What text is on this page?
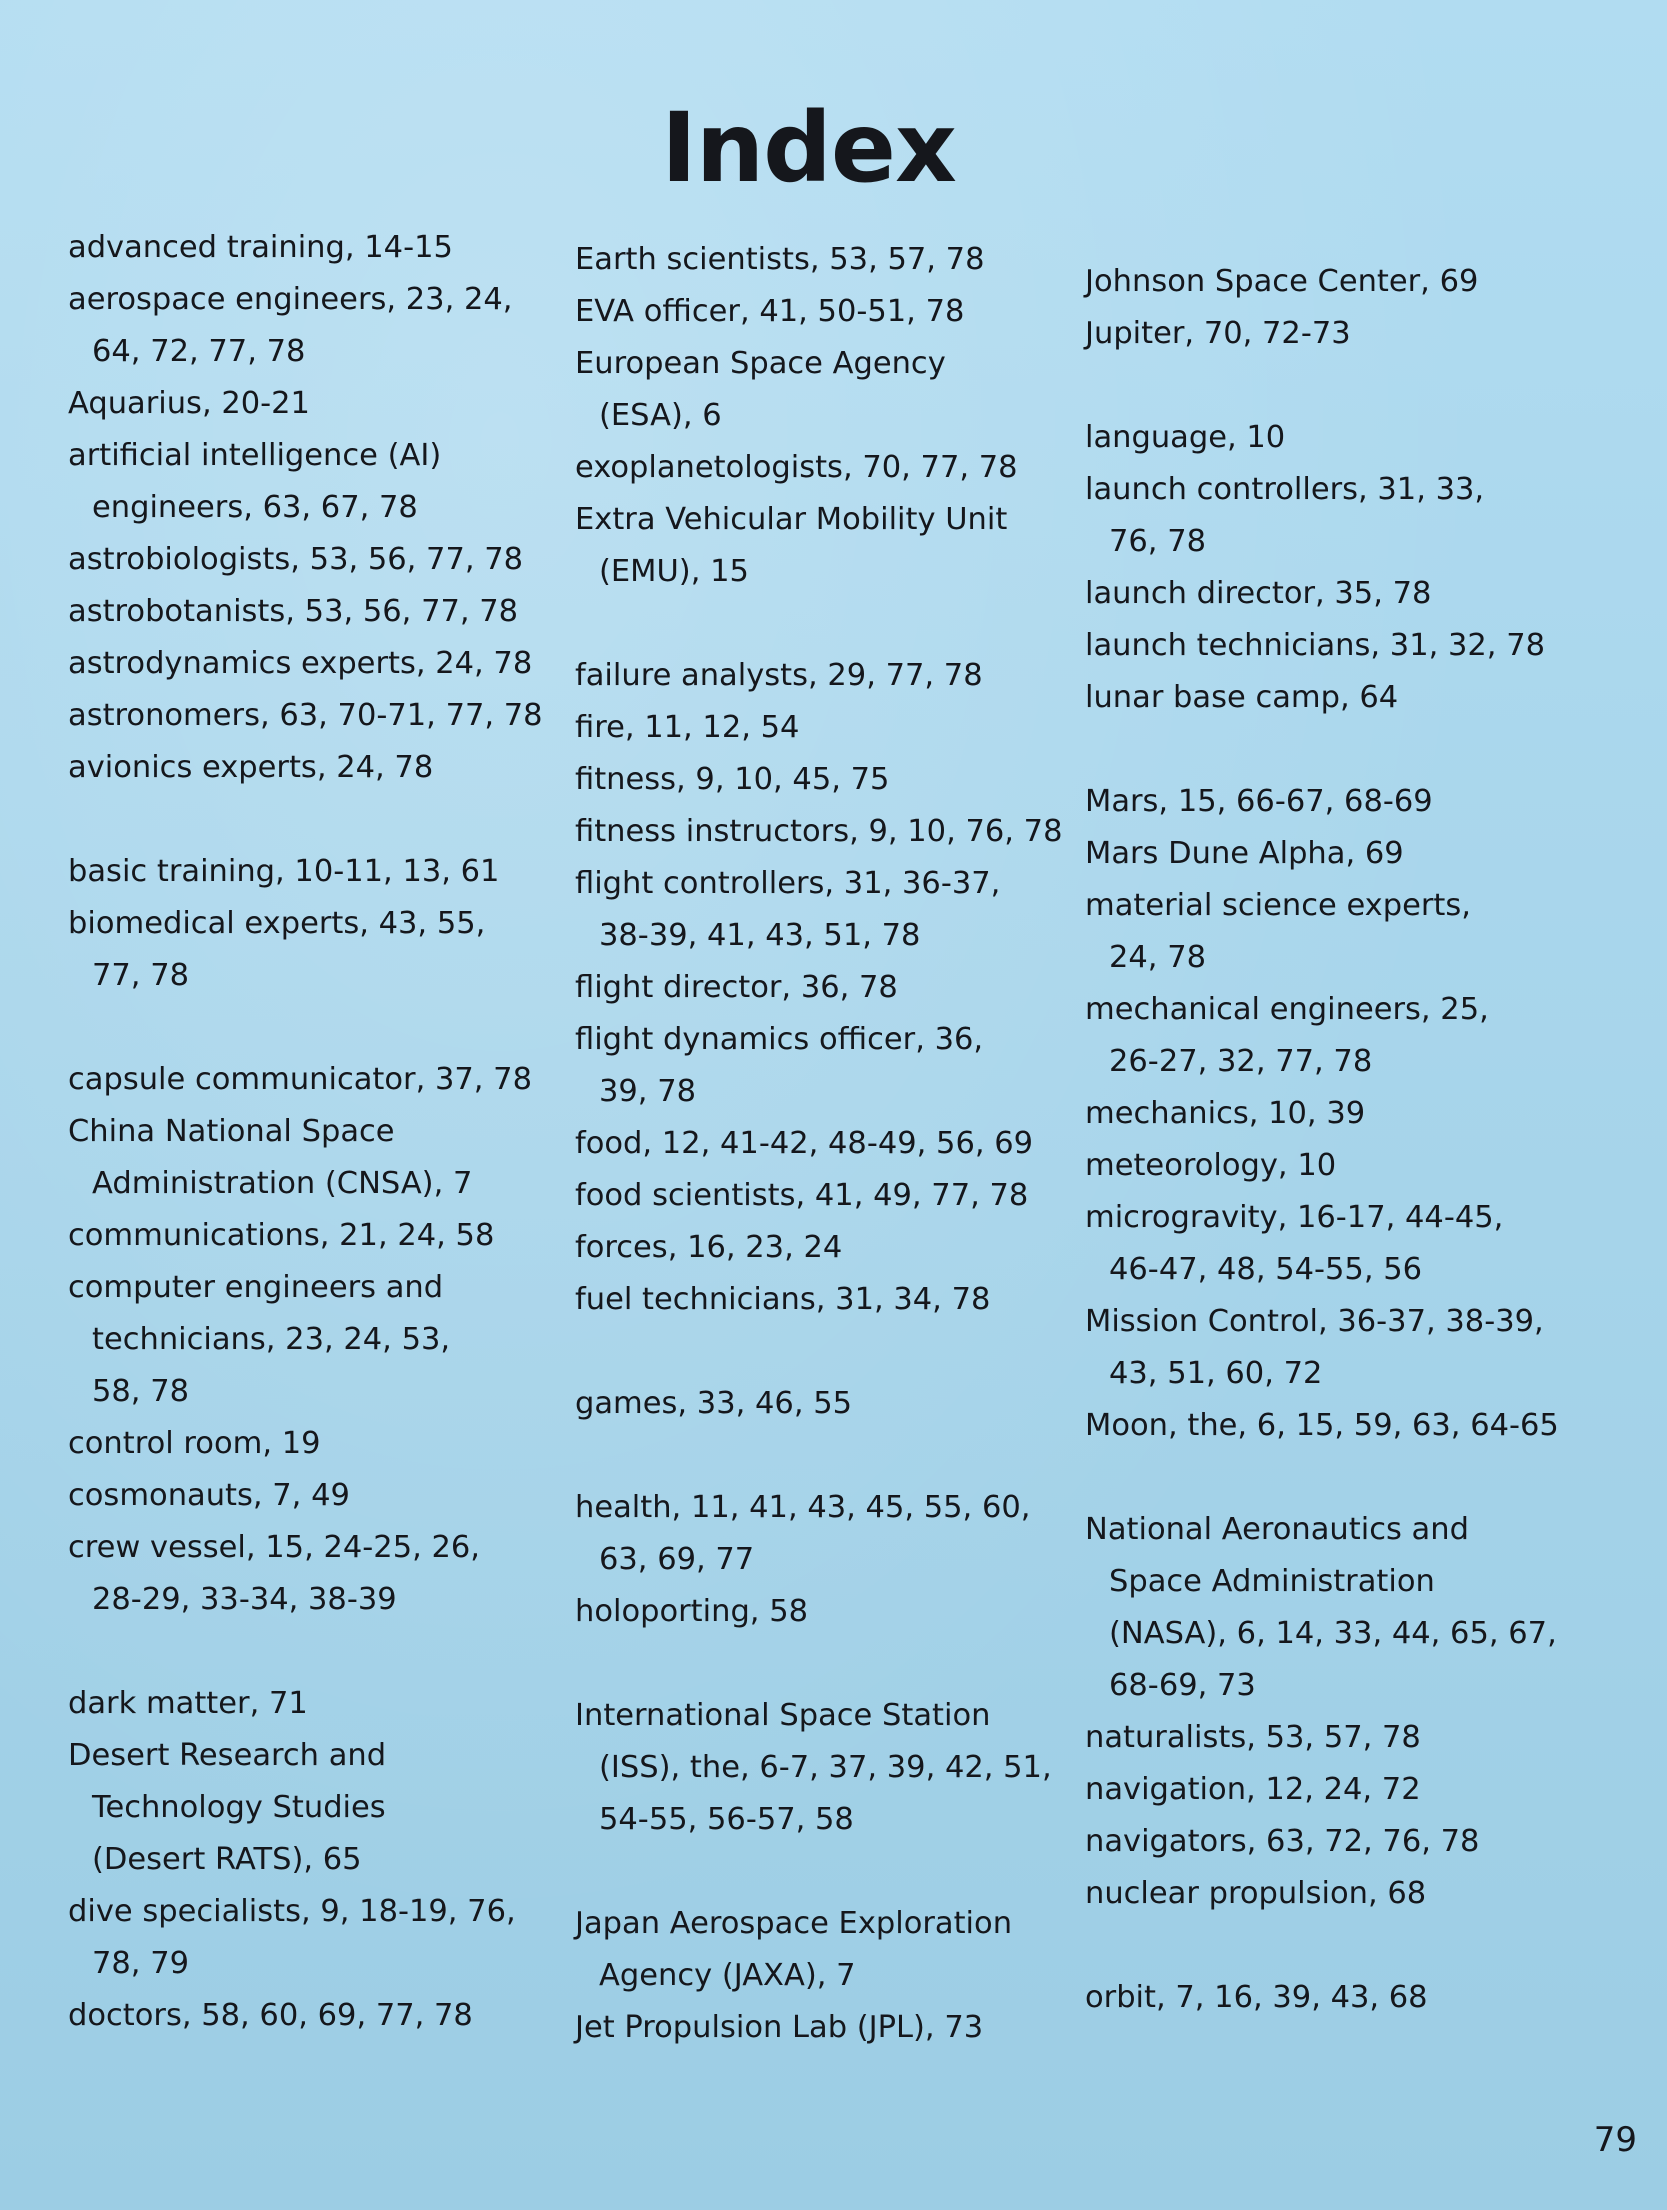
Index
advanced training, 14-15
aerospace engineers, 23, 24,
64, 72, 77, 78
Aquarius, 20-21
artificial intelligence (AI)
engineers, 63, 67, 78
astrobiologists, 53, 56, 77, 78
astrobotanists, 53, 56, 77, 78
astrodynamics experts, 24, 78
astronomers, 63, 70-71, 77, 78
avionics experts, 24, 78
basic training, 10-11, 13, 61
biomedical experts, 43, 55,
77, 78
capsule communicator, 37, 78
China National Space
Administration (CNSA), 7
communications, 21, 24, 58
computer engineers and
technicians, 23, 24, 53,
58, 78
control room, 19
cosmonauts, 7, 49
crew vessel, 15, 24-25, 26,
28-29, 33-34, 38-39
dark matter, 71
Desert Research and
Technology Studies
(Desert RATS), 65
dive specialists, 9, 18-19, 76,
78, 79
doctors, 58, 60, 69, 77, 78
Earth scientists, 53, 57, 78
EVA officer, 41, 50-51, 78
European Space Agency
(ESA), 6
exoplanetologists, 70, 77, 78
Extra Vehicular Mobility Unit
(EMU), 15
failure analysts, 29, 77, 78
fire, 11, 12, 54
fitness, 9, 10, 45, 75
fitness instructors, 9, 10, 76, 78
flight controllers, 31, 36-37,
38-39, 41, 43, 51, 78
flight director, 36, 78
flight dynamics officer, 36,
39, 78
food, 12, 41-42, 48-49, 56, 69
food scientists, 41, 49, 77, 78
forces, 16, 23, 24
fuel technicians, 31, 34, 78
games, 33, 46, 55
health, 11, 41, 43, 45, 55, 60,
63, 69, 77
holoporting, 58
International Space Station
(ISS), the, 6-7, 37, 39, 42, 51,
54-55, 56-57, 58
Japan Aerospace Exploration
Agency (JAXA), 7
Jet Propulsion Lab (JPL), 73
Johnson Space Center, 69
Jupiter, 70, 72-73
language, 10
launch controllers, 31, 33,
76, 78
launch director, 35, 78
launch technicians, 31, 32, 78
lunar base camp, 64
Mars, 15, 66-67, 68-69
Mars Dune Alpha, 69
material science experts,
24, 78
mechanical engineers, 25,
26-27, 32, 77, 78
mechanics, 10, 39
meteorology, 10
microgravity, 16-17, 44-45,
46-47, 48, 54-55, 56
Mission Control, 36-37, 38-39,
43, 51, 60, 72
Moon, the, 6, 15, 59, 63, 64-65
National Aeronautics and
Space Administration
(NASA), 6, 14, 33, 44, 65, 67,
68-69, 73
naturalists, 53, 57, 78
navigation, 12, 24, 72
navigators, 63, 72, 76, 78
nuclear propulsion, 68
orbit, 7, 16, 39, 43, 68
79
